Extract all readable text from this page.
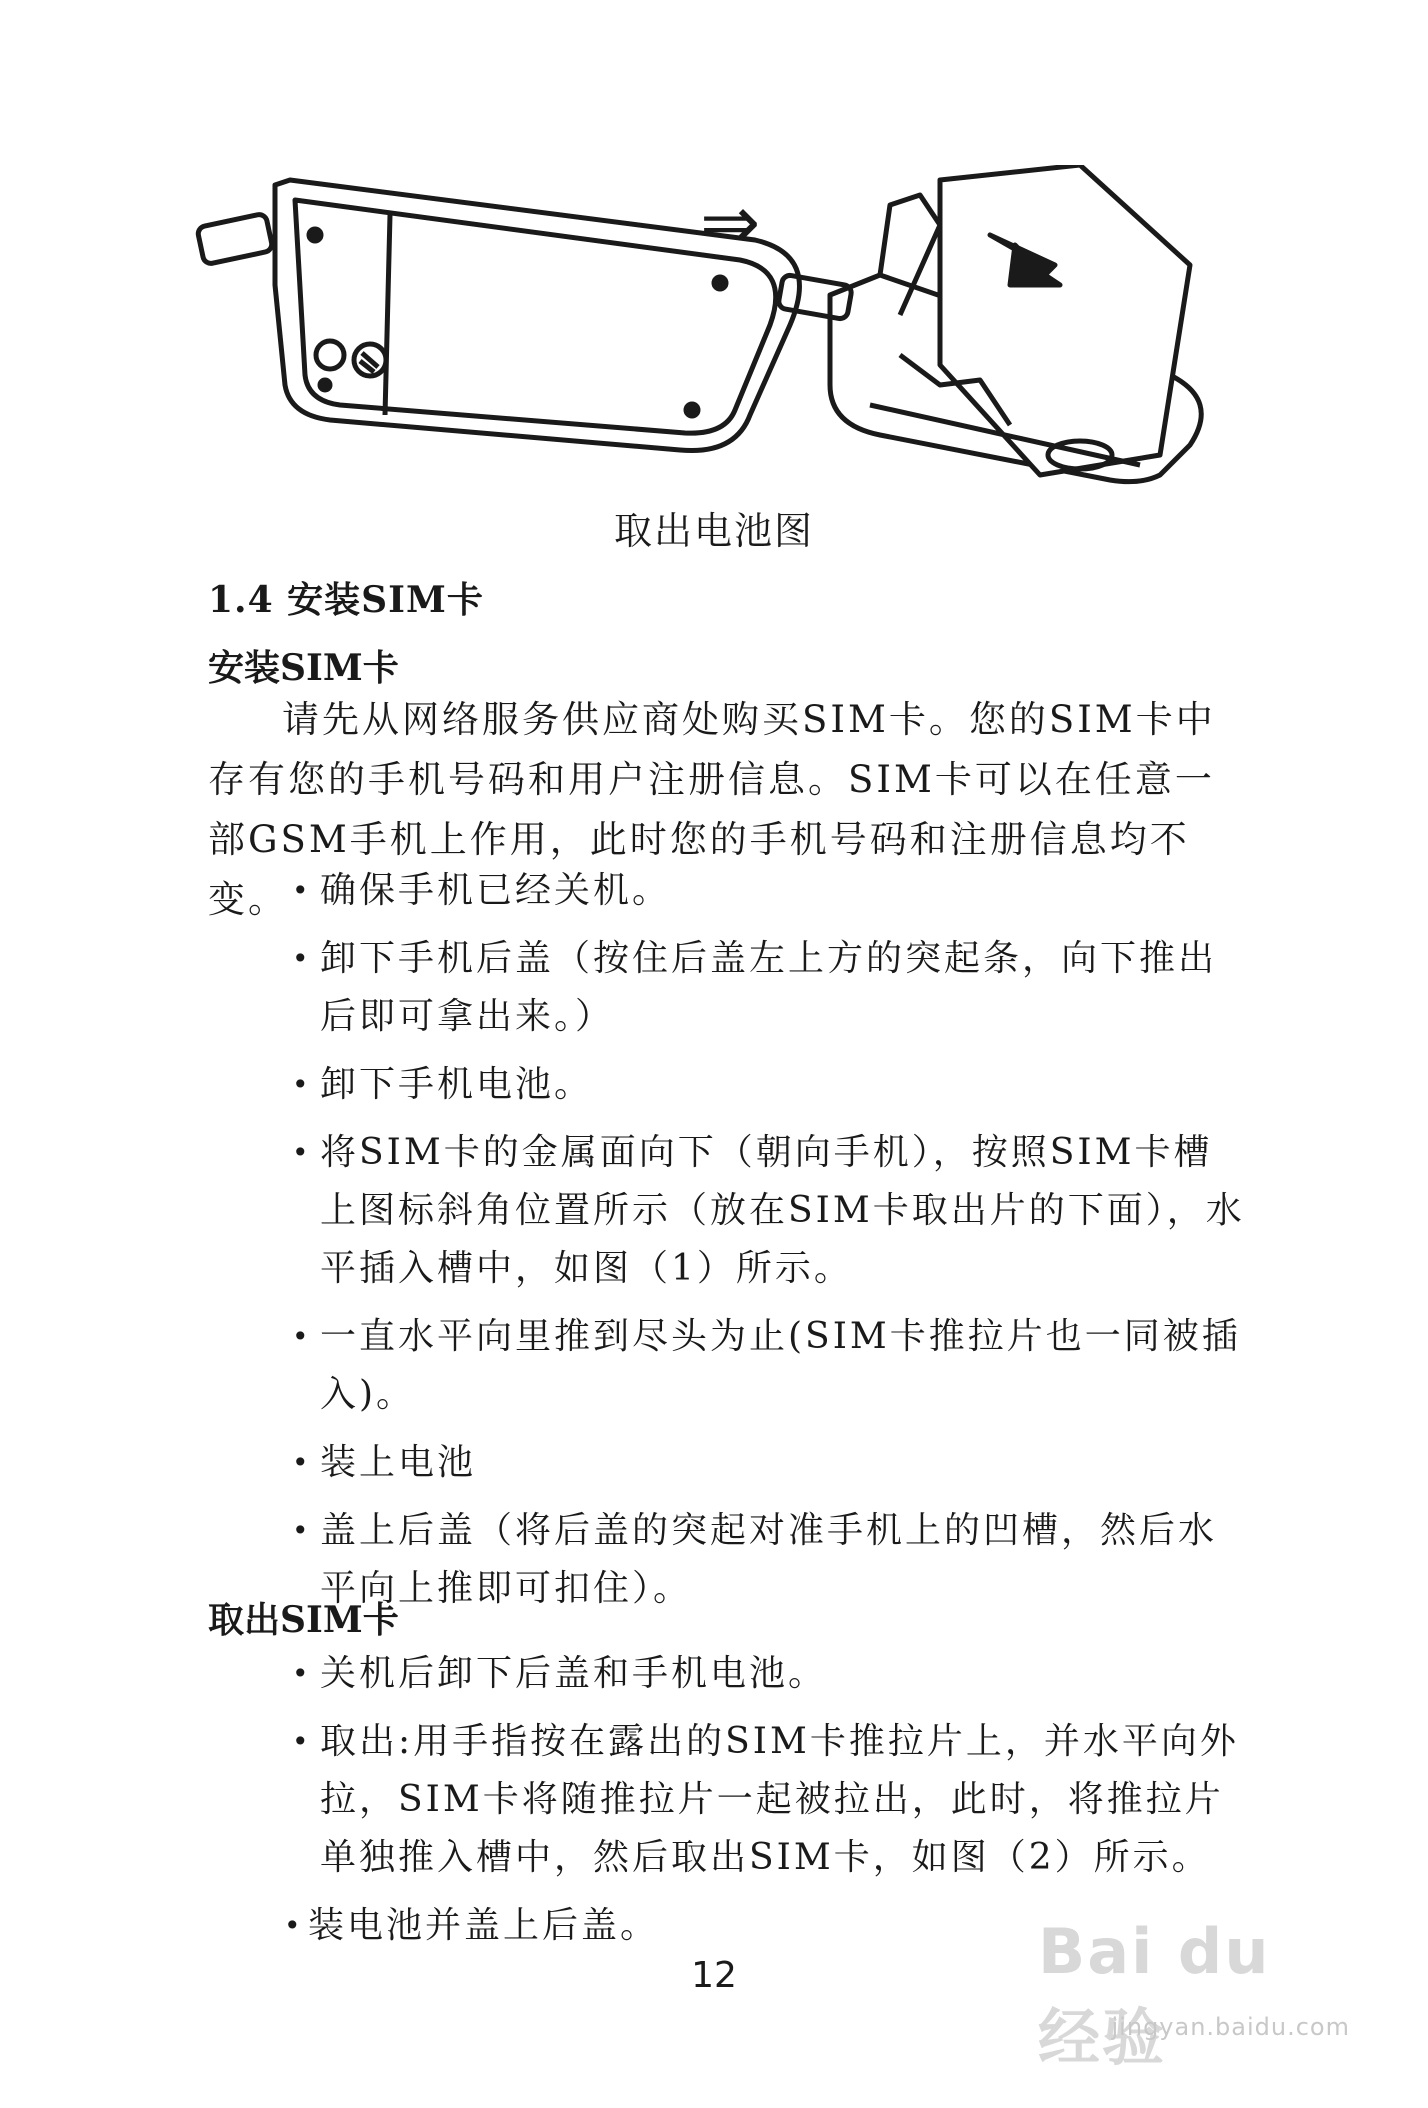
⇒
取出电池图
1.4 安装SIM卡
安装SIM卡

请先从网络服务供应商处购买SIM卡。您的SIM卡中存有您的手机号码和用户注册信息。SIM卡可以在任意一部GSM手机上作用，此时您的手机号码和注册信息均不变。 • 确保手机已经关机。
• 卸下手机后盖（按住后盖左上方的突起条，向下推出后即可拿出来。）
• 卸下手机电池。
• 将SIM卡的金属面向下（朝向手机），按照SIM卡槽上图标斜角位置所示（放在SIM卡取出片的下面），水平插入槽中，如图（1）所示。
• 一直水平向里推到尽头为止(SIM卡推拉片也一同被插入)。
• 装上电池
• 盖上后盖（将后盖的突起对准手机上的凹槽，然后水平向上推即可扣住）。
取出SIM卡
• 关机后卸下后盖和手机电池。
• 取出:用手指按在露出的SIM卡推拉片上，并水平向外拉，SIM卡将随推拉片一起被拉出，此时，将推拉片单独推入槽中，然后取出SIM卡，如图（2）所示。
• 装电池并盖上后盖。
12	Bai du 经验
jingyan.baidu.com
